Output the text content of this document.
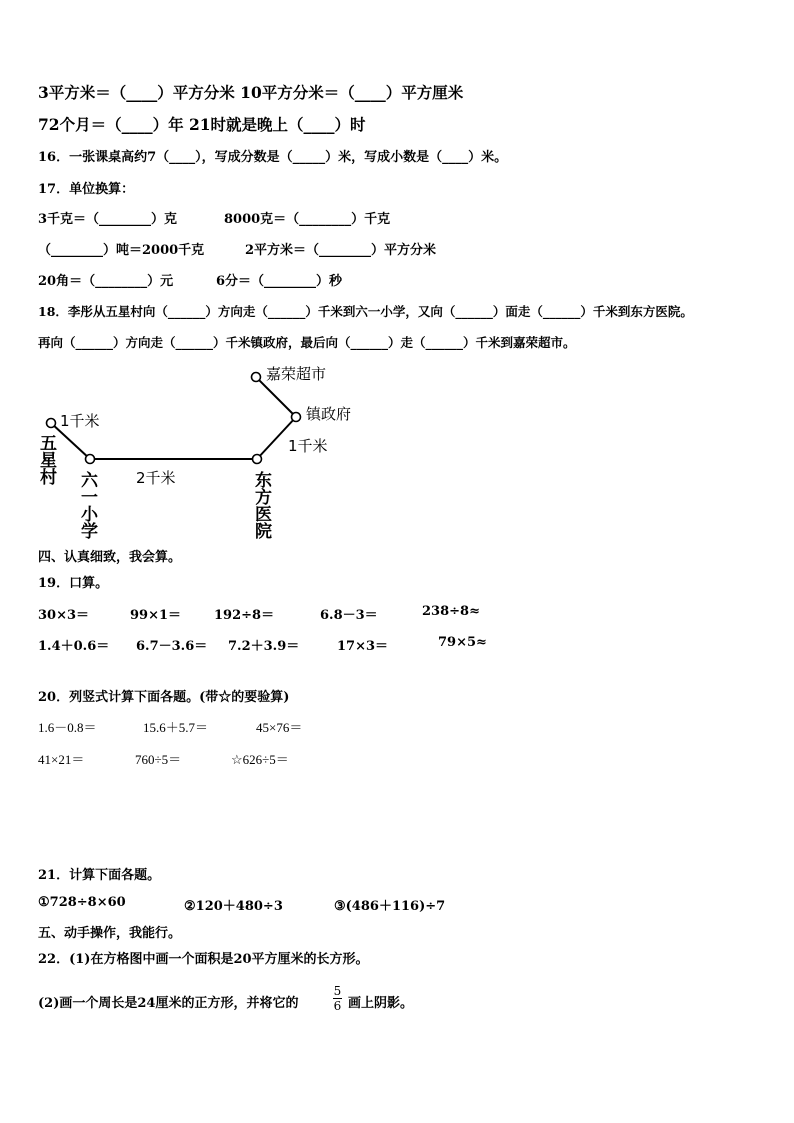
3平方米＝（____）平方分米 10平方分米＝（____）平方厘米
72个月＝（____）年 21时就是晚上（____）时
16．一张课桌高约7（____），写成分数是（_____）米，写成小数是（____）米。
17．单位换算：
3千克＝（________）克	8000克＝（________）千克
（________）吨＝2000千克	2平方米＝（________）平方分米
20角＝（________）元	6分＝（________）秒
18．李彤从五星村向（______）方向走（______）千米到六一小学，又向（______）面走（______）千米到东方医院。
再向（______）方向走（______）千米镇政府，最后向（______）走（______）千米到嘉荣超市。
嘉荣超市
镇政府
1千米
2千米
1千米
五
星
村 六
一
小
学
东
方
医
院
四、认真细致，我会算。
19．口算。
30×3＝	99×1＝	192÷8＝	6.8－3＝	238÷8≈
1.4＋0.6＝ 6.7－3.6＝ 7.2＋3.9＝	17×3＝	79×5≈
20．列竖式计算下面各题。(带☆的要验算)
1.6－0.8＝	15.6＋5.7＝	45×76＝
41×21＝	760÷5＝	☆626÷5＝
21．计算下面各题。
①728÷8×60	②120＋480÷3	③(486＋116)÷7
五、动手操作，我能行。
22．(1)在方格图中画一个面积是20平方厘米的长方形。
(2)画一个周长是24厘米的正方形，并将它的
5
6 画上阴影。
